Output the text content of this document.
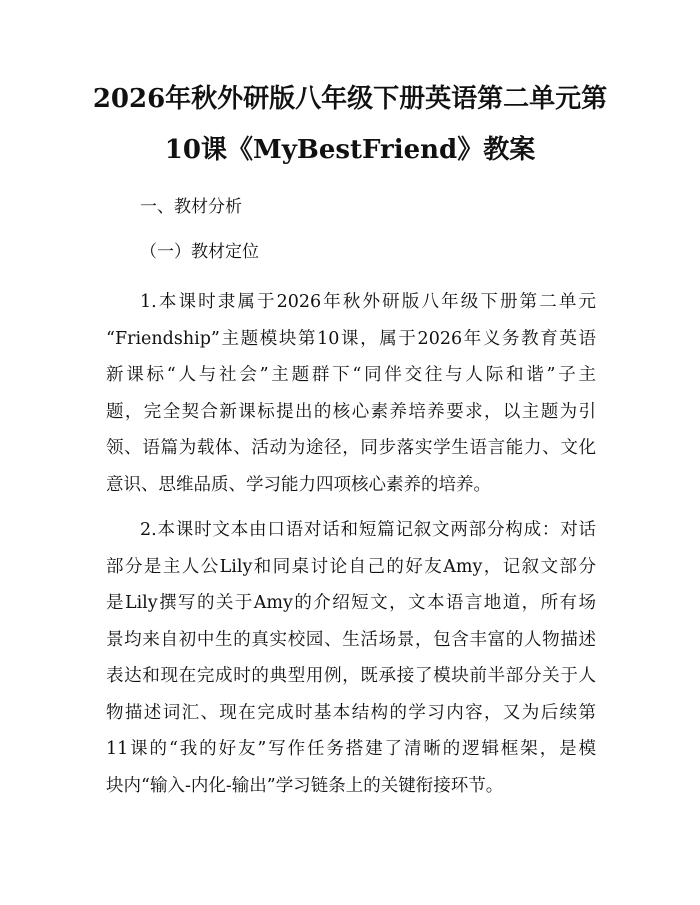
2026年秋外研版八年级下册英语第二单元第
10课《MyBestFriend》教案
一、教材分析
（一）教材定位
1.本课时隶属于2026年秋外研版八年级下册第二单元
“Friendship”主题模块第10课，属于2026年义务教育英语
新课标“人与社会”主题群下“同伴交往与人际和谐”子主
题，完全契合新课标提出的核心素养培养要求，以主题为引
领、语篇为载体、活动为途径，同步落实学生语言能力、文化
意识、思维品质、学习能力四项核心素养的培养。
2.本课时文本由口语对话和短篇记叙文两部分构成：对话
部分是主人公Lily和同桌讨论自己的好友Amy，记叙文部分
是Lily撰写的关于Amy的介绍短文，文本语言地道，所有场
景均来自初中生的真实校园、生活场景，包含丰富的人物描述
表达和现在完成时的典型用例，既承接了模块前半部分关于人
物描述词汇、现在完成时基本结构的学习内容，又为后续第
11课的“我的好友”写作任务搭建了清晰的逻辑框架，是模
块内“输入-内化-输出”学习链条上的关键衔接环节。
